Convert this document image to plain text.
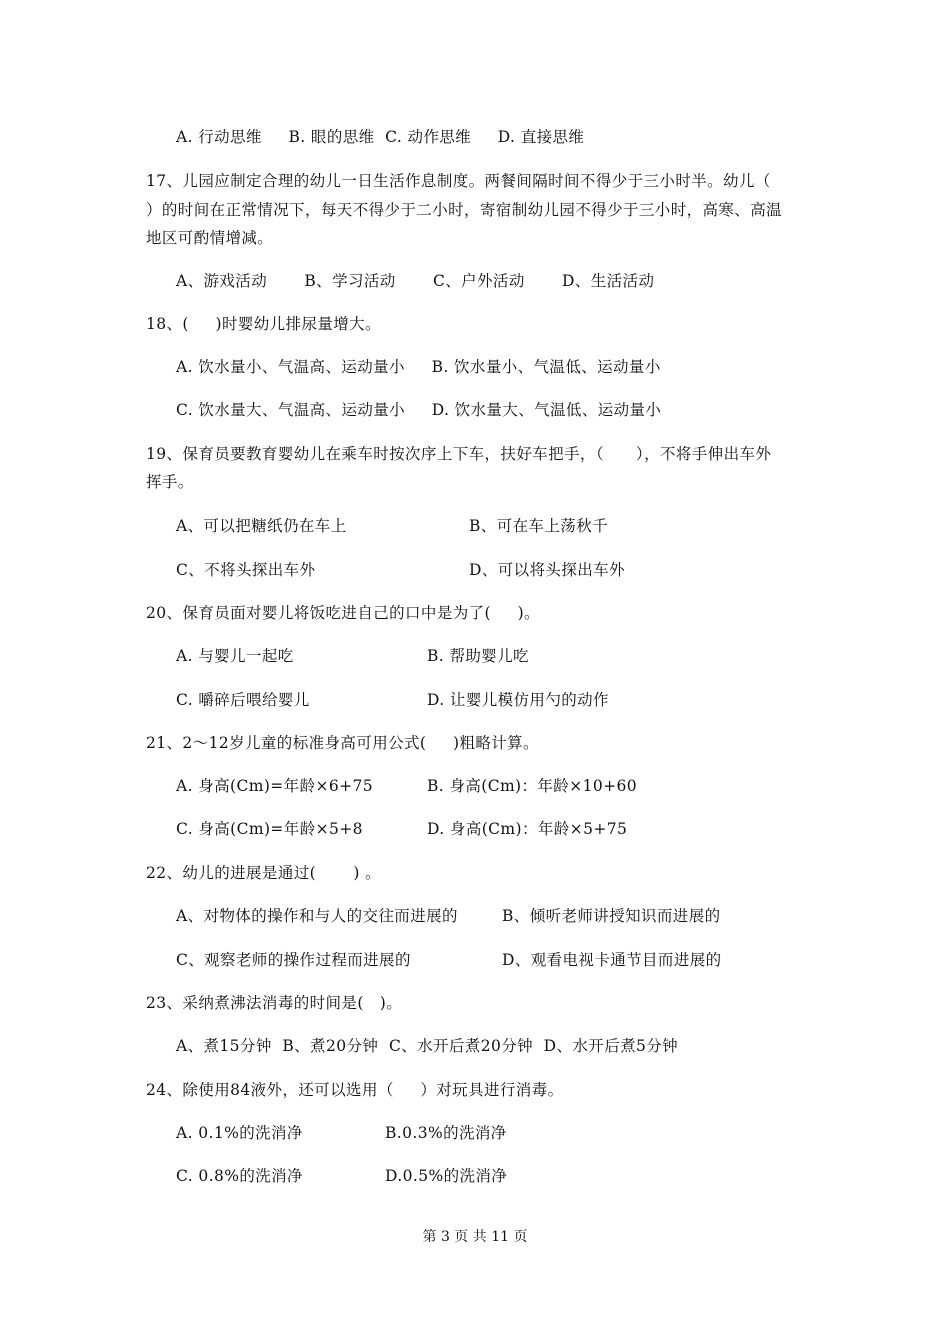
A. 行动思维     B. 眼的思维  C. 动作思维     D. 直接思维
17、儿园应制定合理的幼儿一日生活作息制度。两餐间隔时间不得少于三小时半。幼儿（
）的时间在正常情况下，每天不得少于二小时，寄宿制幼儿园不得少于三小时，高寒、高温
地区可酌情增减。
A、游戏活动       B、学习活动       C、户外活动       D、生活活动
18、(     )时婴幼儿排尿量增大。
A. 饮水量小、气温高、运动量小     B. 饮水量小、气温低、运动量小
C. 饮水量大、气温高、运动量小     D. 饮水量大、气温低、运动量小
19、保育员要教育婴幼儿在乘车时按次序上下车，扶好车把手，（      ），不将手伸出车外
挥手。
A、可以把糖纸仍在车上	B、可在车上荡秋千
C、不将头探出车外	D、可以将头探出车外
20、保育员面对婴儿将饭吃进自己的口中是为了(     )。
A. 与婴儿一起吃	B. 帮助婴儿吃
C. 嚼碎后喂给婴儿	D. 让婴儿模仿用勺的动作
21、2～12岁儿童的标准身高可用公式(     )粗略计算。
A. 身高(Cm)=年龄×6+75	B. 身高(Cm)：年龄×10+60
C. 身高(Cm)=年龄×5+8	D. 身高(Cm)：年龄×5+75
22、幼儿的进展是通过(       ) 。
A、对物体的操作和与人的交往而进展的	B、倾听老师讲授知识而进展的
C、观察老师的操作过程而进展的	D、观看电视卡通节目而进展的
23、采纳煮沸法消毒的时间是(   )。
A、煮15分钟  B、煮20分钟  C、水开后煮20分钟  D、水开后煮5分钟
24、除使用84液外，还可以选用（     ）对玩具进行消毒。
A. 0.1%的洗消净	B.0.3%的洗消净
C. 0.8%的洗消净	D.0.5%的洗消净
第 3 页 共 11 页
